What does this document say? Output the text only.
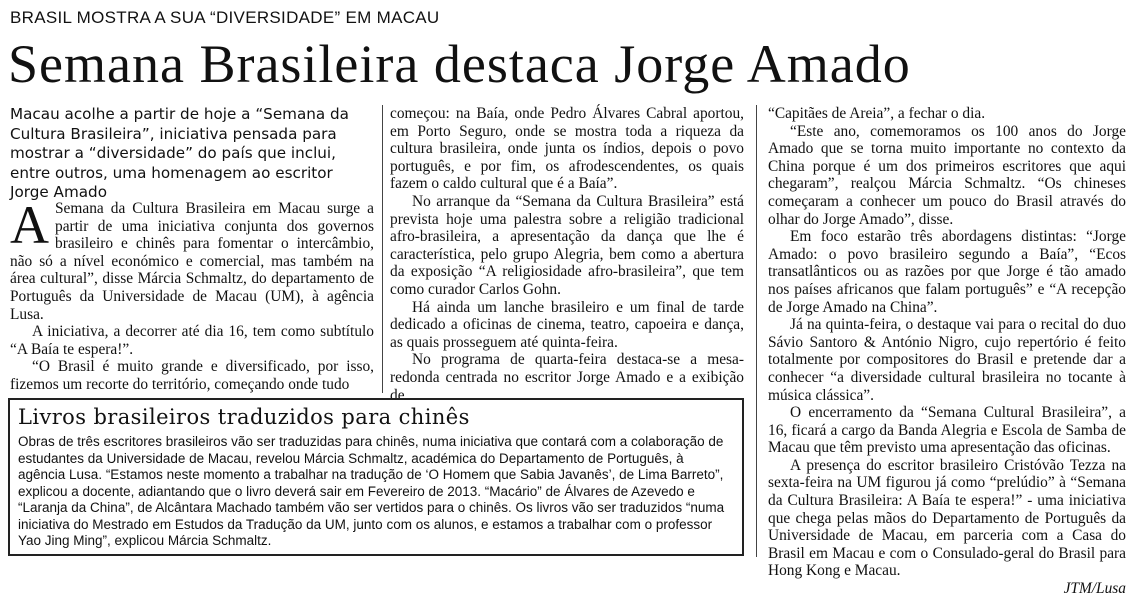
BRASIL MOSTRA A SUA “DIVERSIDADE” EM MACAU
Semana Brasileira destaca Jorge Amado
Macau acolhe a partir de hoje a “Semana da Cultura Brasileira”, iniciativa pensada para mostrar a “diversidade” do país que inclui, entre outros, uma homenagem ao escritor Jorge Amado

A Semana da Cultura Brasileira em Macau surge a partir de uma iniciativa conjunta dos governos brasileiro e chinês para fomentar o intercâmbio, não só a nível económico e comercial, mas também na área cultural”, disse Márcia Schmaltz, do departamento de Português da Universidade de Macau (UM), à agência Lusa.

A iniciativa, a decorrer até dia 16, tem como subtítulo “A Baía te espera!”.

“O Brasil é muito grande e diversificado, por isso, fizemos um recorte do território, começando onde tudo

começou: na Baía, onde Pedro Álvares Cabral aportou, em Porto Seguro, onde se mostra toda a riqueza da cultura brasileira, onde junta os índios, depois o povo português, e por fim, os afrodescendentes, os quais fazem o caldo cultural que é a Baía”.

No arranque da “Semana da Cultura Brasileira” está prevista hoje uma palestra sobre a religião tradicional afro-brasileira, a apresentação da dança que lhe é característica, pelo grupo Alegria, bem como a abertura da exposição “A religiosidade afro-brasileira”, que tem como curador Carlos Gohn.

Há ainda um lanche brasileiro e um final de tarde dedicado a oficinas de cinema, teatro, capoeira e dança, as quais prosseguem até quinta-feira.

No programa de quarta-feira destaca-se a mesa-redonda centrada no escritor Jorge Amado e a exibição de

“Capitães de Areia”, a fechar o dia.

“Este ano, comemoramos os 100 anos do Jorge Amado que se torna muito importante no contexto da China porque é um dos primeiros escritores que aqui chegaram”, realçou Márcia Schmaltz. “Os chineses começaram a conhecer um pouco do Brasil através do olhar do Jorge Amado”, disse.

Em foco estarão três abordagens distintas: “Jorge Amado: o povo brasileiro segundo a Baía”, “Ecos transatlânticos ou as razões por que Jorge é tão amado nos países africanos que falam português” e “A recepção de Jorge Amado na China”.

Já na quinta-feira, o destaque vai para o recital do duo Sávio Santoro & António Nigro, cujo repertório é feito totalmente por compositores do Brasil e pretende dar a conhecer “a diversidade cultural brasileira no tocante à música clássica”.

O encerramento da “Semana Cultural Brasileira”, a 16, ficará a cargo da Banda Alegria e Escola de Samba de Macau que têm previsto uma apresentação das oficinas.

A presença do escritor brasileiro Cristóvão Tezza na sexta-feira na UM figurou já como “prelúdio” à “Semana da Cultura Brasileira: A Baía te espera!” - uma iniciativa que chega pelas mãos do Departamento de Português da Universidade de Macau, em parceria com a Casa do Brasil em Macau e com o Consulado-geral do Brasil para Hong Kong e Macau.

JTM/Lusa

Livros brasileiros traduzidos para chinês

Obras de três escritores brasileiros vão ser traduzidas para chinês, numa iniciativa que contará com a colaboração de estudantes da Universidade de Macau, revelou Márcia Schmaltz, académica do Departamento de Português, à agência Lusa. “Estamos neste momento a trabalhar na tradução de ‘O Homem que Sabia Javanês’, de Lima Barreto”, explicou a docente, adiantando que o livro deverá sair em Fevereiro de 2013. “Macário” de Álvares de Azevedo e “Laranja da China”, de Alcântara Machado também vão ser vertidos para o chinês. Os livros vão ser traduzidos “numa iniciativa do Mestrado em Estudos da Tradução da UM, junto com os alunos, e estamos a trabalhar com o professor Yao Jing Ming”, explicou Márcia Schmaltz.
